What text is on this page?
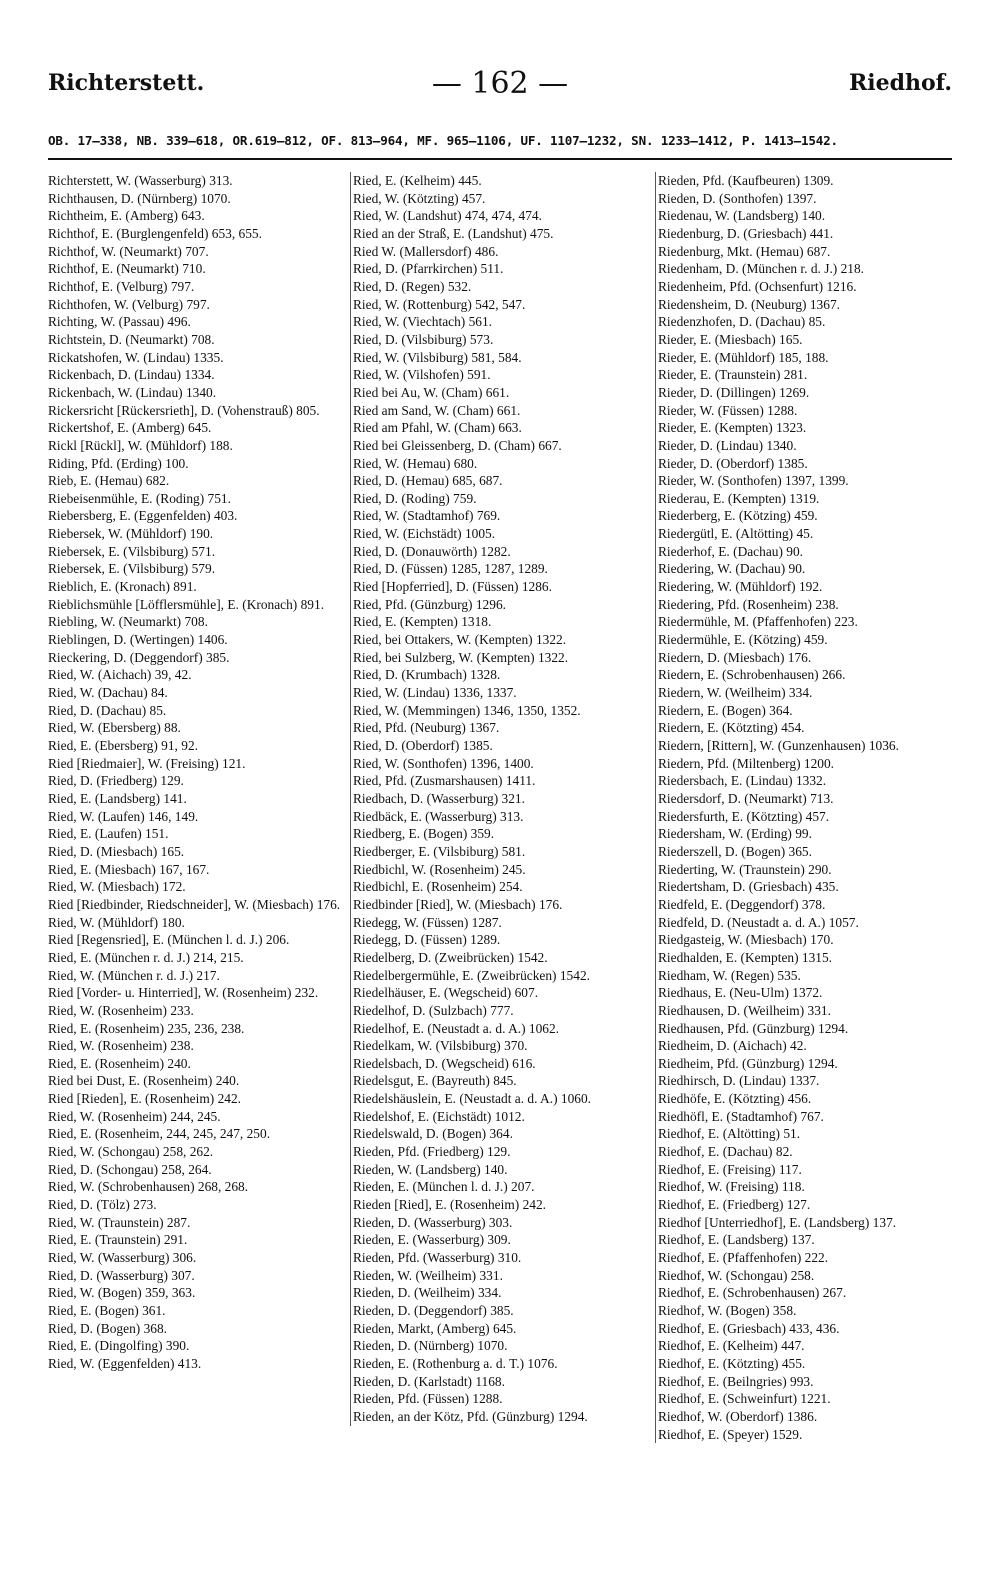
Richterstett.	— 162 —	Riedhof.
OB. 17—338, NB. 339—618, OR.619—812, OF. 813—964, MF. 965—1106, UF. 1107—1232, SN. 1233—1412, P. 1413—1542.
Richterstett, W. (Wasserburg) 313.
Richthausen, D. (Nürnberg) 1070.
Richtheim, E. (Amberg) 643.
Richthof, E. (Burglengenfeld) 653, 655.
Richthof, W. (Neumarkt) 707.
Richthof, E. (Neumarkt) 710.
Richthof, E. (Velburg) 797.
Richthofen, W. (Velburg) 797.
Richting, W. (Passau) 496.
Richtstein, D. (Neumarkt) 708.
Rickatshofen, W. (Lindau) 1335.
Rickenbach, D. (Lindau) 1334.
Rickenbach, W. (Lindau) 1340.
Rickersricht [Rückersrieth], D. (Vohenstrauß) 805.
Rickertshof, E. (Amberg) 645.
Rickl [Rückl], W. (Mühldorf) 188.
Riding, Pfd. (Erding) 100.
Rieb, E. (Hemau) 682.
Riebeisenmühle, E. (Roding) 751.
Riebersberg, E. (Eggenfelden) 403.
Riebersek, W. (Mühldorf) 190.
Riebersek, E. (Vilsbiburg) 571.
Riebersek, E. (Vilsbiburg) 579.
Rieblich, E. (Kronach) 891.
Rieblichsmühle [Löfflersmühle], E. (Kronach) 891.
Riebling, W. (Neumarkt) 708.
Rieblingen, D. (Wertingen) 1406.
Rieckering, D. (Deggendorf) 385.
Ried, W. (Aichach) 39, 42.
Ried, W. (Dachau) 84.
Ried, D. (Dachau) 85.
Ried, W. (Ebersberg) 88.
Ried, E. (Ebersberg) 91, 92.
Ried [Riedmaier], W. (Freising) 121.
Ried, D. (Friedberg) 129.
Ried, E. (Landsberg) 141.
Ried, W. (Laufen) 146, 149.
Ried, E. (Laufen) 151.
Ried, D. (Miesbach) 165.
Ried, E. (Miesbach) 167, 167.
Ried, W. (Miesbach) 172.
Ried [Riedbinder, Riedschneider], W. (Miesbach) 176.
Ried, W. (Mühldorf) 180.
Ried [Regensried], E. (München l. d. J.) 206.
Ried, E. (München r. d. J.) 214, 215.
Ried, W. (München r. d. J.) 217.
Ried [Vorder- u. Hinterried], W. (Rosenheim) 232.
Ried, W. (Rosenheim) 233.
Ried, E. (Rosenheim) 235, 236, 238.
Ried, W. (Rosenheim) 238.
Ried, E. (Rosenheim) 240.
Ried bei Dust, E. (Rosenheim) 240.
Ried [Rieden], E. (Rosenheim) 242.
Ried, W. (Rosenheim) 244, 245.
Ried, E. (Rosenheim, 244, 245, 247, 250.
Ried, W. (Schongau) 258, 262.
Ried, D. (Schongau) 258, 264.
Ried, W. (Schrobenhausen) 268, 268.
Ried, D. (Tölz) 273.
Ried, W. (Traunstein) 287.
Ried, E. (Traunstein) 291.
Ried, W. (Wasserburg) 306.
Ried, D. (Wasserburg) 307.
Ried, W. (Bogen) 359, 363.
Ried, E. (Bogen) 361.
Ried, D. (Bogen) 368.
Ried, E. (Dingolfing) 390.
Ried, W. (Eggenfelden) 413.
Ried, E. (Kelheim) 445.
Ried, W. (Kötzting) 457.
Ried, W. (Landshut) 474, 474, 474.
Ried an der Straß, E. (Landshut) 475.
Ried W. (Mallersdorf) 486.
Ried, D. (Pfarrkirchen) 511.
Ried, D. (Regen) 532.
Ried, W. (Rottenburg) 542, 547.
Ried, W. (Viechtach) 561.
Ried, D. (Vilsbiburg) 573.
Ried, W. (Vilsbiburg) 581, 584.
Ried, W. (Vilshofen) 591.
Ried bei Au, W. (Cham) 661.
Ried am Sand, W. (Cham) 661.
Ried am Pfahl, W. (Cham) 663.
Ried bei Gleissenberg, D. (Cham) 667.
Ried, W. (Hemau) 680.
Ried, D. (Hemau) 685, 687.
Ried, D. (Roding) 759.
Ried, W. (Stadtamhof) 769.
Ried, W. (Eichstädt) 1005.
Ried, D. (Donauwörth) 1282.
Ried, D. (Füssen) 1285, 1287, 1289.
Ried [Hopferried], D. (Füssen) 1286.
Ried, Pfd. (Günzburg) 1296.
Ried, E. (Kempten) 1318.
Ried, bei Ottakers, W. (Kempten) 1322.
Ried, bei Sulzberg, W. (Kempten) 1322.
Ried, D. (Krumbach) 1328.
Ried, W. (Lindau) 1336, 1337.
Ried, W. (Memmingen) 1346, 1350, 1352.
Ried, Pfd. (Neuburg) 1367.
Ried, D. (Oberdorf) 1385.
Ried, W. (Sonthofen) 1396, 1400.
Ried, Pfd. (Zusmarshausen) 1411.
Riedbach, D. (Wasserburg) 321.
Riedbäck, E. (Wasserburg) 313.
Riedberg, E. (Bogen) 359.
Riedberger, E. (Vilsbiburg) 581.
Riedbichl, W. (Rosenheim) 245.
Riedbichl, E. (Rosenheim) 254.
Riedbinder [Ried], W. (Miesbach) 176.
Riedegg, W. (Füssen) 1287.
Riedegg, D. (Füssen) 1289.
Riedelberg, D. (Zweibrücken) 1542.
Riedelbergermühle, E. (Zweibrücken) 1542.
Riedelhäuser, E. (Wegscheid) 607.
Riedelhof, D. (Sulzbach) 777.
Riedelhof, E. (Neustadt a. d. A.) 1062.
Riedelkam, W. (Vilsbiburg) 370.
Riedelsbach, D. (Wegscheid) 616.
Riedelsgut, E. (Bayreuth) 845.
Riedelshäuslein, E. (Neustadt a. d. A.) 1060.
Riedelshof, E. (Eichstädt) 1012.
Riedelswald, D. (Bogen) 364.
Rieden, Pfd. (Friedberg) 129.
Rieden, W. (Landsberg) 140.
Rieden, E. (München l. d. J.) 207.
Rieden [Ried], E. (Rosenheim) 242.
Rieden, D. (Wasserburg) 303.
Rieden, E. (Wasserburg) 309.
Rieden, Pfd. (Wasserburg) 310.
Rieden, W. (Weilheim) 331.
Rieden, D. (Weilheim) 334.
Rieden, D. (Deggendorf) 385.
Rieden, Markt, (Amberg) 645.
Rieden, D. (Nürnberg) 1070.
Rieden, E. (Rothenburg a. d. T.) 1076.
Rieden, D. (Karlstadt) 1168.
Rieden, Pfd. (Füssen) 1288.
Rieden, an der Kötz, Pfd. (Günzburg) 1294.
Rieden, Pfd. (Kaufbeuren) 1309.
Rieden, D. (Sonthofen) 1397.
Riedenau, W. (Landsberg) 140.
Riedenburg, D. (Griesbach) 441.
Riedenburg, Mkt. (Hemau) 687.
Riedenham, D. (München r. d. J.) 218.
Riedenheim, Pfd. (Ochsenfurt) 1216.
Riedensheim, D. (Neuburg) 1367.
Riedenzhofen, D. (Dachau) 85.
Rieder, E. (Miesbach) 165.
Rieder, E. (Mühldorf) 185, 188.
Rieder, E. (Traunstein) 281.
Rieder, D. (Dillingen) 1269.
Rieder, W. (Füssen) 1288.
Rieder, E. (Kempten) 1323.
Rieder, D. (Lindau) 1340.
Rieder, D. (Oberdorf) 1385.
Rieder, W. (Sonthofen) 1397, 1399.
Riederau, E. (Kempten) 1319.
Riederberg, E. (Kötzing) 459.
Riedergütl, E. (Altötting) 45.
Riederhof, E. (Dachau) 90.
Riedering, W. (Dachau) 90.
Riedering, W. (Mühldorf) 192.
Riedering, Pfd. (Rosenheim) 238.
Riedermühle, M. (Pfaffenhofen) 223.
Riedermühle, E. (Kötzing) 459.
Riedern, D. (Miesbach) 176.
Riedern, E. (Schrobenhausen) 266.
Riedern, W. (Weilheim) 334.
Riedern, E. (Bogen) 364.
Riedern, E. (Kötzting) 454.
Riedern, [Rittern], W. (Gunzenhausen) 1036.
Riedern, Pfd. (Miltenberg) 1200.
Riedersbach, E. (Lindau) 1332.
Riedersdorf, D. (Neumarkt) 713.
Riedersfurth, E. (Kötzting) 457.
Riedersham, W. (Erding) 99.
Riederszell, D. (Bogen) 365.
Riederting, W. (Traunstein) 290.
Riedertsham, D. (Griesbach) 435.
Riedfeld, E. (Deggendorf) 378.
Riedfeld, D. (Neustadt a. d. A.) 1057.
Riedgasteig, W. (Miesbach) 170.
Riedhalden, E. (Kempten) 1315.
Riedham, W. (Regen) 535.
Riedhaus, E. (Neu-Ulm) 1372.
Riedhausen, D. (Weilheim) 331.
Riedhausen, Pfd. (Günzburg) 1294.
Riedheim, D. (Aichach) 42.
Riedheim, Pfd. (Günzburg) 1294.
Riedhirsch, D. (Lindau) 1337.
Riedhöfe, E. (Kötzting) 456.
Riedhöfl, E. (Stadtamhof) 767.
Riedhof, E. (Altötting) 51.
Riedhof, E. (Dachau) 82.
Riedhof, E. (Freising) 117.
Riedhof, W. (Freising) 118.
Riedhof, E. (Friedberg) 127.
Riedhof [Unterriedhof], E. (Landsberg) 137.
Riedhof, E. (Landsberg) 137.
Riedhof, E. (Pfaffenhofen) 222.
Riedhof, W. (Schongau) 258.
Riedhof, E. (Schrobenhausen) 267.
Riedhof, W. (Bogen) 358.
Riedhof, E. (Griesbach) 433, 436.
Riedhof, E. (Kelheim) 447.
Riedhof, E. (Kötzting) 455.
Riedhof, E. (Beilngries) 993.
Riedhof, E. (Schweinfurt) 1221.
Riedhof, W. (Oberdorf) 1386.
Riedhof, E. (Speyer) 1529.
